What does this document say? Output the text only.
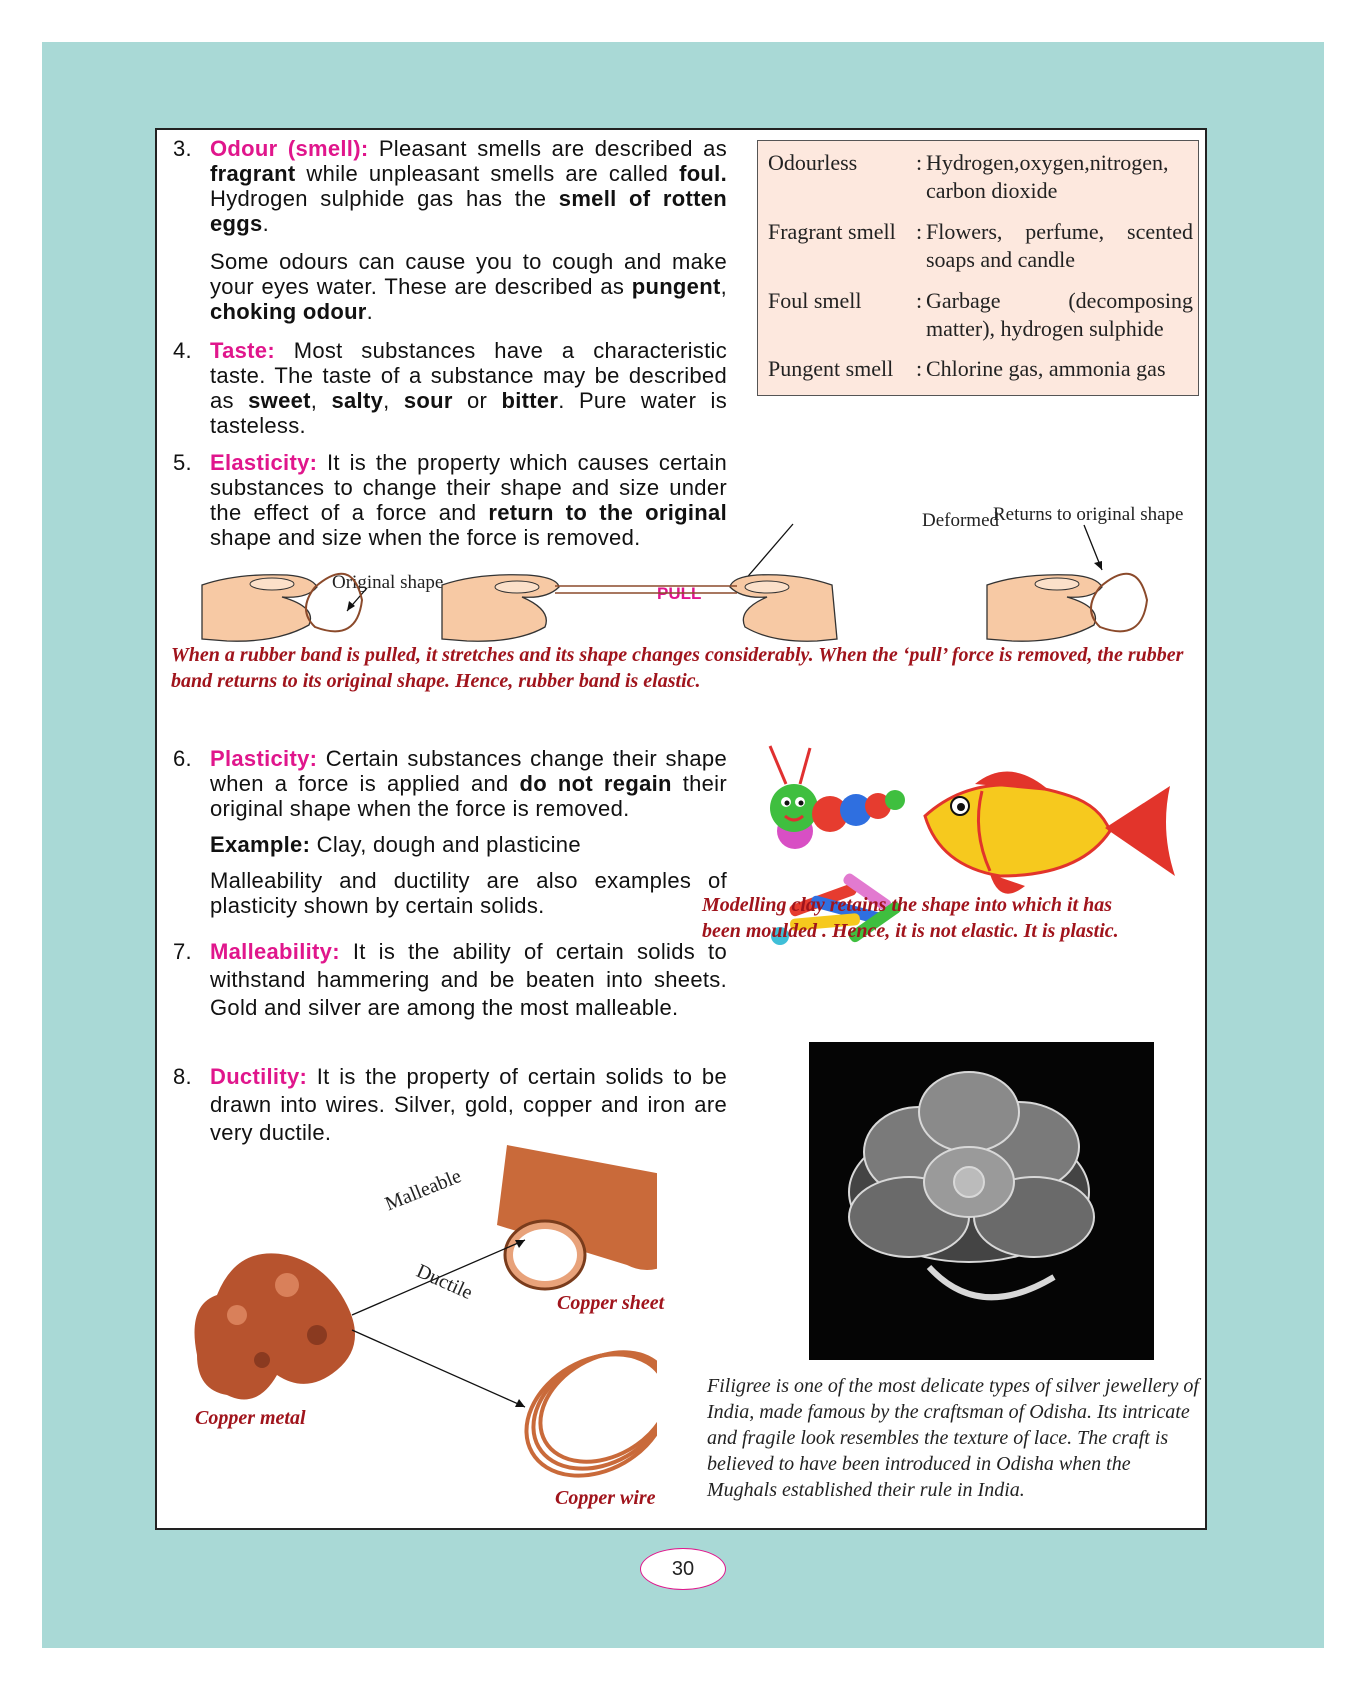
3. Odour (smell): Pleasant smells are described as fragrant while unpleasant smells are called foul. Hydrogen sulphide gas has the smell of rotten eggs.
Some odours can cause you to cough and make your eyes water. These are described as pungent, choking odour.
4. Taste: Most substances have a characteristic taste. The taste of a substance may be described as sweet, salty, sour or bitter. Pure water is tasteless.
5. Elasticity: It is the property which causes certain substances to change their shape and size under the effect of a force and return to the original shape and size when the force is removed.
Odourless	: Hydrogen,oxygen,nitrogen, carbon dioxide
Fragrant smell : Flowers, perfume, scented soaps and candle
Foul smell	: Garbage (decomposing matter), hydrogen sulphide
Pungent smell	: Chlorine gas, ammonia gas
Deformed
Returns to original shape
Original shape
PULL
When a rubber band is pulled, it stretches and its shape changes considerably. When the ‘pull’ force is removed, the rubber band returns to its original shape. Hence, rubber band is elastic.
6. Plasticity: Certain substances change their shape when a force is applied and do not regain their original shape when the force is removed.
Example: Clay, dough and plasticine
Malleability and ductility are also examples of plasticity shown by certain solids.
7. Malleability: It is the ability of certain solids to withstand hammering and be beaten into sheets. Gold and silver are among the most malleable.
8. Ductility: It is the property of certain solids to be drawn into wires. Silver, gold, copper and iron are very ductile.
Modelling clay retains the shape into which it has been moulded . Hence, it is not elastic. It is plastic.
Filigree is one of the most delicate types of silver jewellery of India, made famous by the craftsman of Odisha. Its intricate and fragile look resembles the texture of lace. The craft is believed to have been introduced in Odisha when the Mughals established their rule in India.
Malleable
Ductile	Copper sheet
Copper metal
Copper wire
30
